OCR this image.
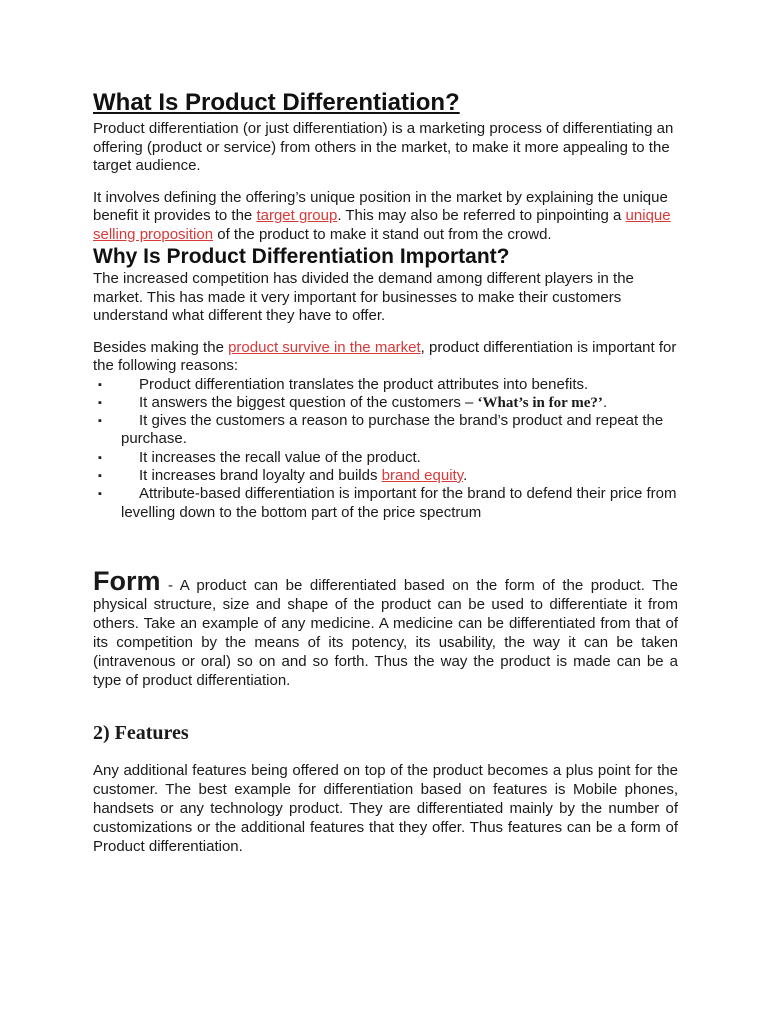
What Is Product Differentiation?

Product differentiation (or just differentiation) is a marketing process of differentiating an offering (product or service) from others in the market, to make it more appealing to the target audience.

It involves defining the offering’s unique position in the market by explaining the unique benefit it provides to the target group. This may also be referred to pinpointing a unique selling proposition of the product to make it stand out from the crowd.

Why Is Product Differentiation Important?

The increased competition has divided the demand among different players in the market. This has made it very important for businesses to make their customers understand what different they have to offer.

Besides making the product survive in the market, product differentiation is important for the following reasons:

▪ Product differentiation translates the product attributes into benefits.
▪ It answers the biggest question of the customers – ‘What’s in for me?’.
▪ It gives the customers a reason to purchase the brand’s product and repeat the purchase.
▪ It increases the recall value of the product.
▪ It increases brand loyalty and builds brand equity.
▪ Attribute-based differentiation is important for the brand to defend their price from levelling down to the bottom part of the price spectrum

Form - A product can be differentiated based on the form of the product. The physical structure, size and shape of the product can be used to differentiate it from others. Take an example of any medicine. A medicine can be differentiated from that of its competition by the means of its potency, its usability, the way it can be taken (intravenous or oral) so on and so forth. Thus the way the product is made can be a type of product differentiation.

2) Features

Any additional features being offered on top of the product becomes a plus point for the customer. The best example for differentiation based on features is Mobile phones, handsets or any technology product. They are differentiated mainly by the number of customizations or the additional features that they offer. Thus features can be a form of Product differentiation.
